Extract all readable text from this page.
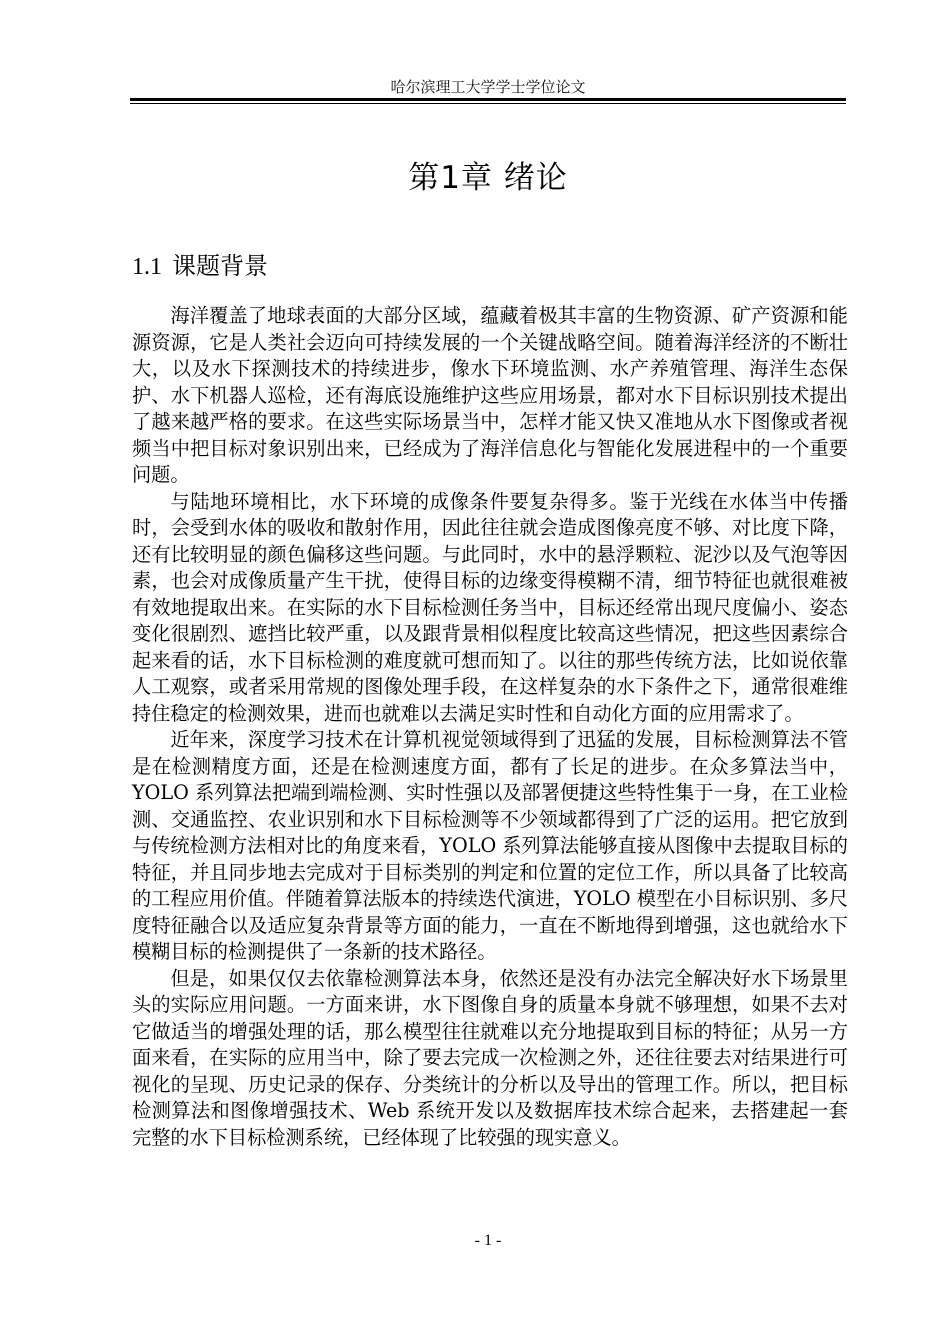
哈尔滨理工大学学士学位论文
第1章 绪论
1.1 课题背景

海洋覆盖了地球表面的大部分区域，蕴藏着极其丰富的生物资源、矿产资源和能源资源，它是人类社会迈向可持续发展的一个关键战略空间。随着海洋经济的不断壮大，以及水下探测技术的持续进步，像水下环境监测、水产养殖管理、海洋生态保护、水下机器人巡检，还有海底设施维护这些应用场景，都对水下目标识别技术提出了越来越严格的要求。在这些实际场景当中，怎样才能又快又准地从水下图像或者视频当中把目标对象识别出来，已经成为了海洋信息化与智能化发展进程中的一个重要问题。

与陆地环境相比，水下环境的成像条件要复杂得多。鉴于光线在水体当中传播时，会受到水体的吸收和散射作用，因此往往就会造成图像亮度不够、对比度下降，还有比较明显的颜色偏移这些问题。与此同时，水中的悬浮颗粒、泥沙以及气泡等因素，也会对成像质量产生干扰，使得目标的边缘变得模糊不清，细节特征也就很难被有效地提取出来。在实际的水下目标检测任务当中，目标还经常出现尺度偏小、姿态变化很剧烈、遮挡比较严重，以及跟背景相似程度比较高这些情况，把这些因素综合起来看的话，水下目标检测的难度就可想而知了。以往的那些传统方法，比如说依靠人工观察，或者采用常规的图像处理手段，在这样复杂的水下条件之下，通常很难维持住稳定的检测效果，进而也就难以去满足实时性和自动化方面的应用需求了。

近年来，深度学习技术在计算机视觉领域得到了迅猛的发展，目标检测算法不管是在检测精度方面，还是在检测速度方面，都有了长足的进步。在众多算法当中，YOLO 系列算法把端到端检测、实时性强以及部署便捷这些特性集于一身，在工业检测、交通监控、农业识别和水下目标检测等不少领域都得到了广泛的运用。把它放到与传统检测方法相对比的角度来看，YOLO 系列算法能够直接从图像中去提取目标的特征，并且同步地去完成对于目标类别的判定和位置的定位工作，所以具备了比较高的工程应用价值。伴随着算法版本的持续迭代演进，YOLO 模型在小目标识别、多尺度特征融合以及适应复杂背景等方面的能力，一直在不断地得到增强，这也就给水下模糊目标的检测提供了一条新的技术路径。

但是，如果仅仅去依靠检测算法本身，依然还是没有办法完全解决好水下场景里头的实际应用问题。一方面来讲，水下图像自身的质量本身就不够理想，如果不去对它做适当的增强处理的话，那么模型往往就难以充分地提取到目标的特征；从另一方面来看，在实际的应用当中，除了要去完成一次检测之外，还往往要去对结果进行可视化的呈现、历史记录的保存、分类统计的分析以及导出的管理工作。所以，把目标检测算法和图像增强技术、Web 系统开发以及数据库技术综合起来，去搭建起一套完整的水下目标检测系统，已经体现了比较强的现实意义。

- 1 -
